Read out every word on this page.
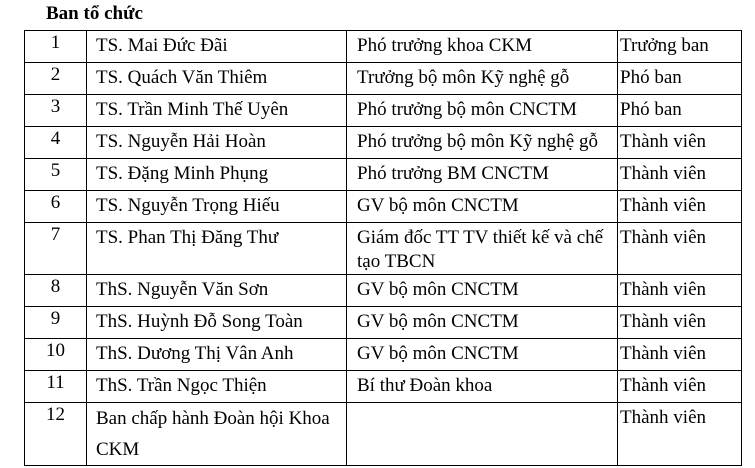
Ban tổ chức
1	TS. Mai Đức Đãi	Phó trưởng khoa CKM	Trưởng ban
2	TS. Quách Văn Thiêm	Trưởng bộ môn Kỹ nghệ gỗ	Phó ban
3	TS. Trần Minh Thế Uyên	Phó trưởng bộ môn CNCTM	Phó ban
4	TS. Nguyễn Hải Hoàn	Phó trưởng bộ môn Kỹ nghệ gỗ	Thành viên
5	TS. Đặng Minh Phụng	Phó trưởng BM CNCTM	Thành viên
6	TS. Nguyễn Trọng Hiếu	GV bộ môn CNCTM	Thành viên
7	TS. Phan Thị Đăng Thư	Giám đốc TT TV thiết kế và chế tạo TBCN	Thành viên
8	ThS. Nguyễn Văn Sơn	GV bộ môn CNCTM	Thành viên
9	ThS. Huỳnh Đỗ Song Toàn	GV bộ môn CNCTM	Thành viên
10	ThS. Dương Thị Vân Anh	GV bộ môn CNCTM	Thành viên
11	ThS. Trần Ngọc Thiện	Bí thư Đoàn khoa	Thành viên
12	Ban chấp hành Đoàn hội Khoa CKM		Thành viên
